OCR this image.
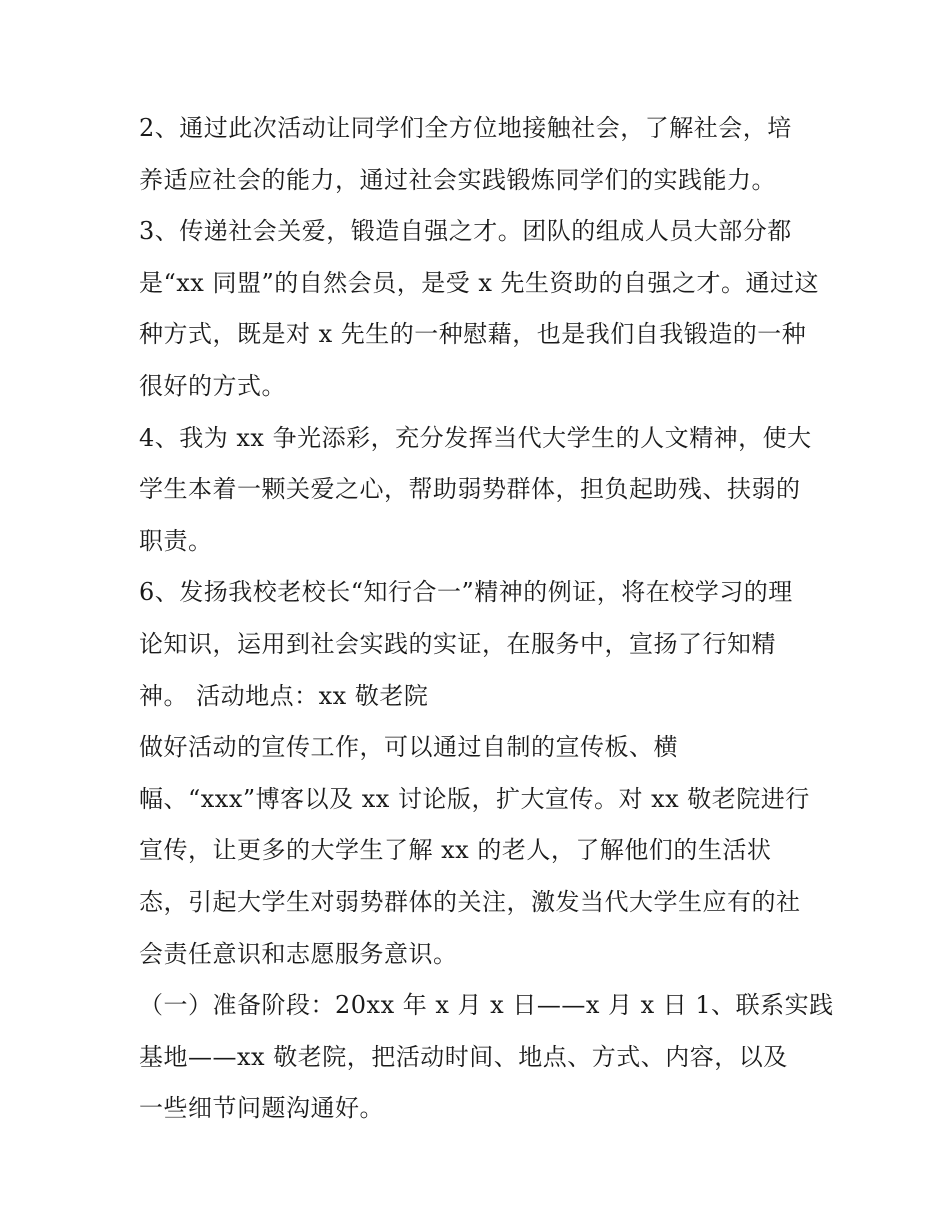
2、通过此次活动让同学们全方位地接触社会，了解社会，培
养适应社会的能力，通过社会实践锻炼同学们的实践能力。
3、传递社会关爱，锻造自强之才。团队的组成人员大部分都
是“xx 同盟”的自然会员，是受 x 先生资助的自强之才。通过这
种方式，既是对 x 先生的一种慰藉，也是我们自我锻造的一种
很好的方式。
4、我为 xx 争光添彩，充分发挥当代大学生的人文精神，使大
学生本着一颗关爱之心，帮助弱势群体，担负起助残、扶弱的
职责。
6、发扬我校老校长“知行合一”精神的例证，将在校学习的理
论知识，运用到社会实践的实证，在服务中，宣扬了行知精
神。 活动地点：xx 敬老院
做好活动的宣传工作，可以通过自制的宣传板、横
幅、“xxx”博客以及 xx 讨论版，扩大宣传。对 xx 敬老院进行
宣传，让更多的大学生了解 xx 的老人，了解他们的生活状
态，引起大学生对弱势群体的关注，激发当代大学生应有的社
会责任意识和志愿服务意识。
（一）准备阶段：20xx 年 x 月 x 日——x 月 x 日 1、联系实践
基地——xx 敬老院，把活动时间、地点、方式、内容，以及
一些细节问题沟通好。
